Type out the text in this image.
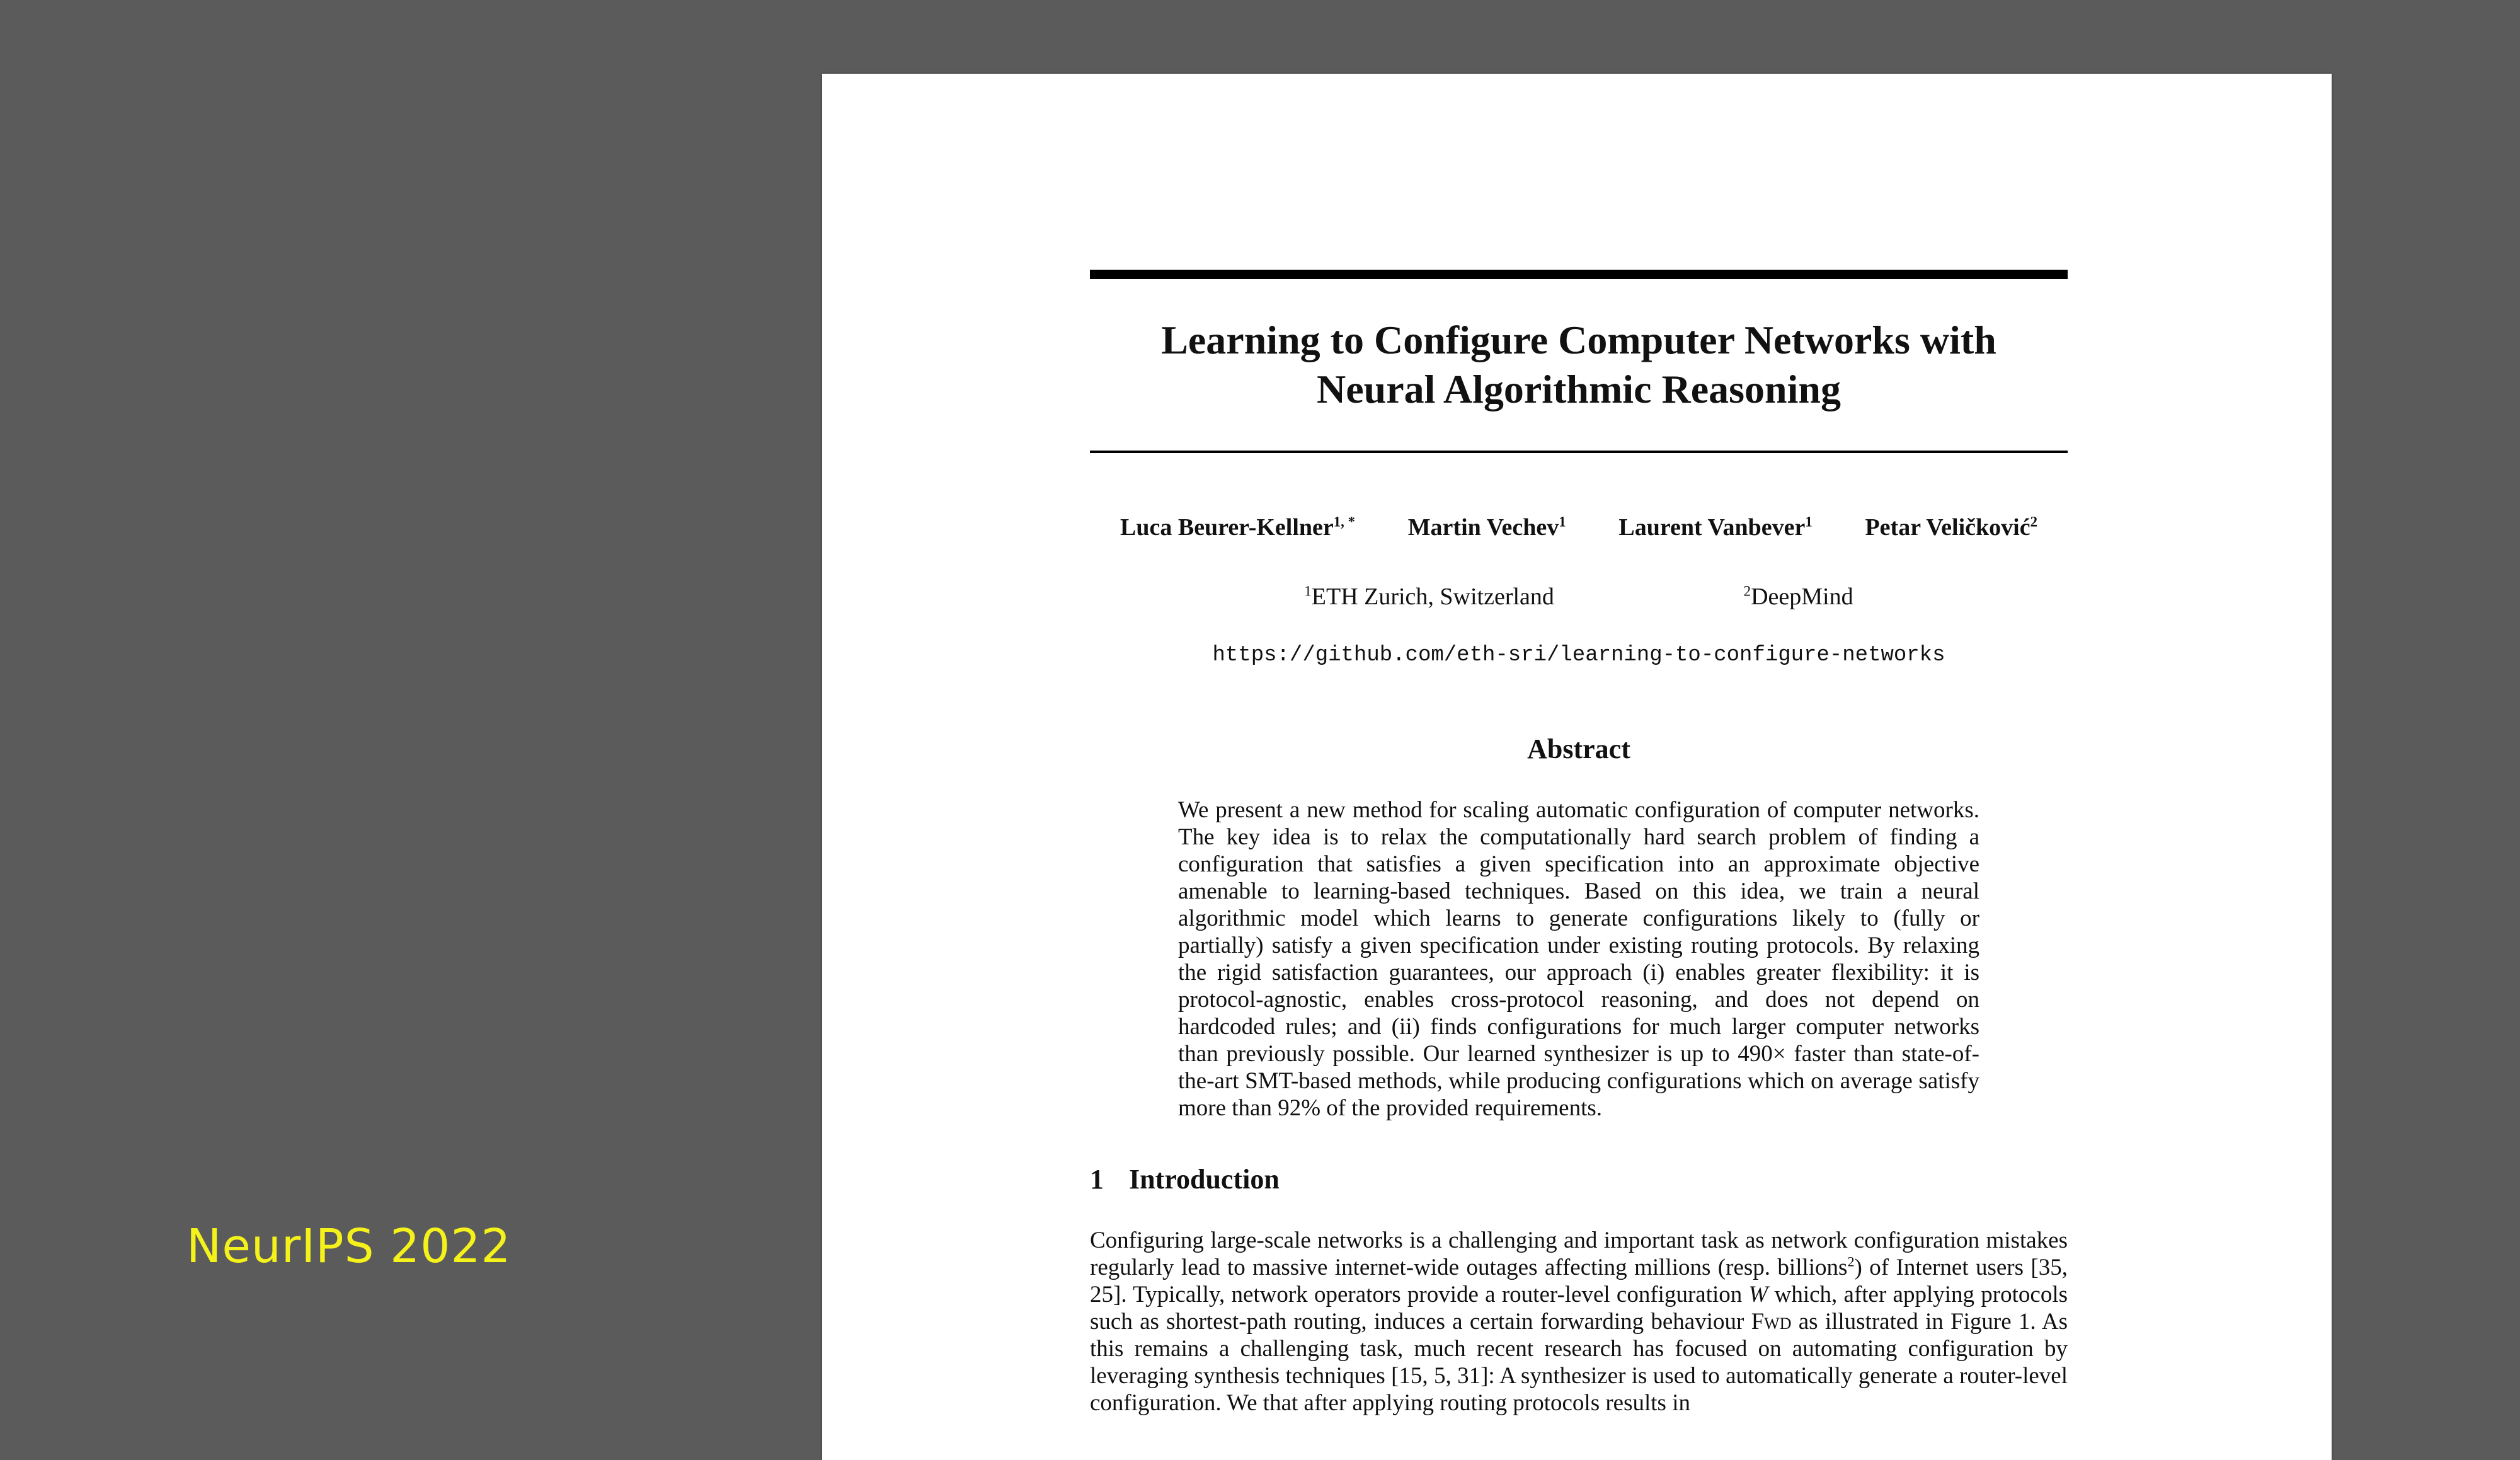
NeurIPS 2022
Learning to Configure Computer Networks with
Neural Algorithmic Reasoning
Luca Beurer-Kellner$^{1, *}$ Martin Vechev$^1$ Laurent Vanbever$^1$ Petar Veličković$^2$
$^1$ETH Zurich, Switzerland	$^2$DeepMind
https://github.com/eth-sri/learning-to-configure-networks
Abstract
We present a new method for scaling automatic configuration of computer networks. The key idea is to relax the computationally hard search problem of finding a configuration that satisfies a given specification into an approximate objective amenable to learning-based techniques. Based on this idea, we train a neural algorithmic model which learns to generate configurations likely to (fully or partially) satisfy a given specification under existing routing protocols. By relaxing the rigid satisfaction guarantees, our approach (i) enables greater flexibility: it is protocol-agnostic, enables cross-protocol reasoning, and does not depend on hardcoded rules; and (ii) finds configurations for much larger computer networks than previously possible. Our learned synthesizer is up to 490× faster than state-of-the-art SMT-based methods, while producing configurations which on average satisfy more than 92% of the provided requirements.
1 Introduction
Configuring large-scale networks is a challenging and important task as network configuration mistakes regularly lead to massive internet-wide outages affecting millions (resp. billions$^2$) of Internet users [35, 25]. Typically, network operators provide a router-level configuration W which, after applying protocols such as shortest-path routing, induces a certain forwarding behaviour Fwd as illustrated in Figure 1. As this remains a challenging task, much recent research has focused on automating configuration by leveraging synthesis techniques [15, 5, 31]: A synthesizer is used to automatically generate a router-level configuration. We that after applying routing protocols results in
